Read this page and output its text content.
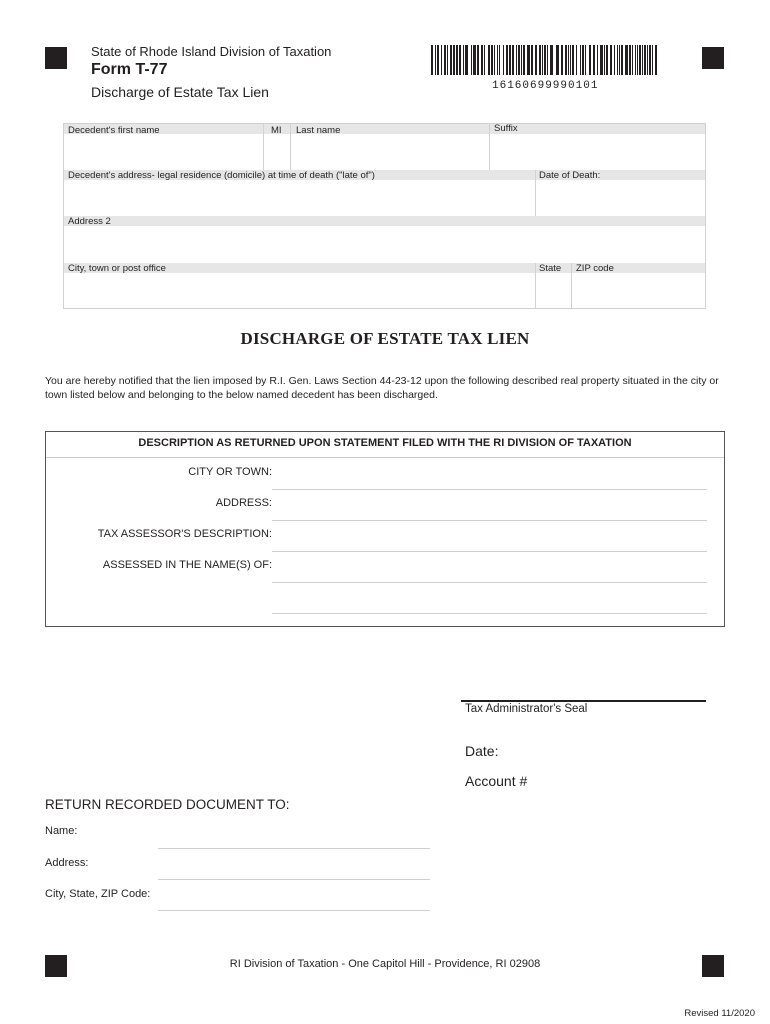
State of Rhode Island Division of Taxation
Form T-77
Discharge of Estate Tax Lien	16160699990101
Decedent's first name	MI Last name	Suffix
Decedent's address- legal residence (domicile) at time of death ("late of")	Date of Death:
Address 2
City, town or post office	State ZIP code
DISCHARGE OF ESTATE TAX LIEN
You are hereby notified that the lien imposed by R.I. Gen. Laws Section 44-23-12 upon the following described real property situated in the city or town listed below and belonging to the below named decedent has been discharged.
DESCRIPTION AS RETURNED UPON STATEMENT FILED WITH THE RI DIVISION OF TAXATION
CITY OR TOWN:
ADDRESS:
TAX ASSESSOR'S DESCRIPTION:
ASSESSED IN THE NAME(S) OF:
Tax Administrator's Seal
Date:
Account #
RETURN RECORDED DOCUMENT TO:
Name:
Address:
City, State, ZIP Code:
RI Division of Taxation - One Capitol Hill - Providence, RI 02908
Revised 11/2020
